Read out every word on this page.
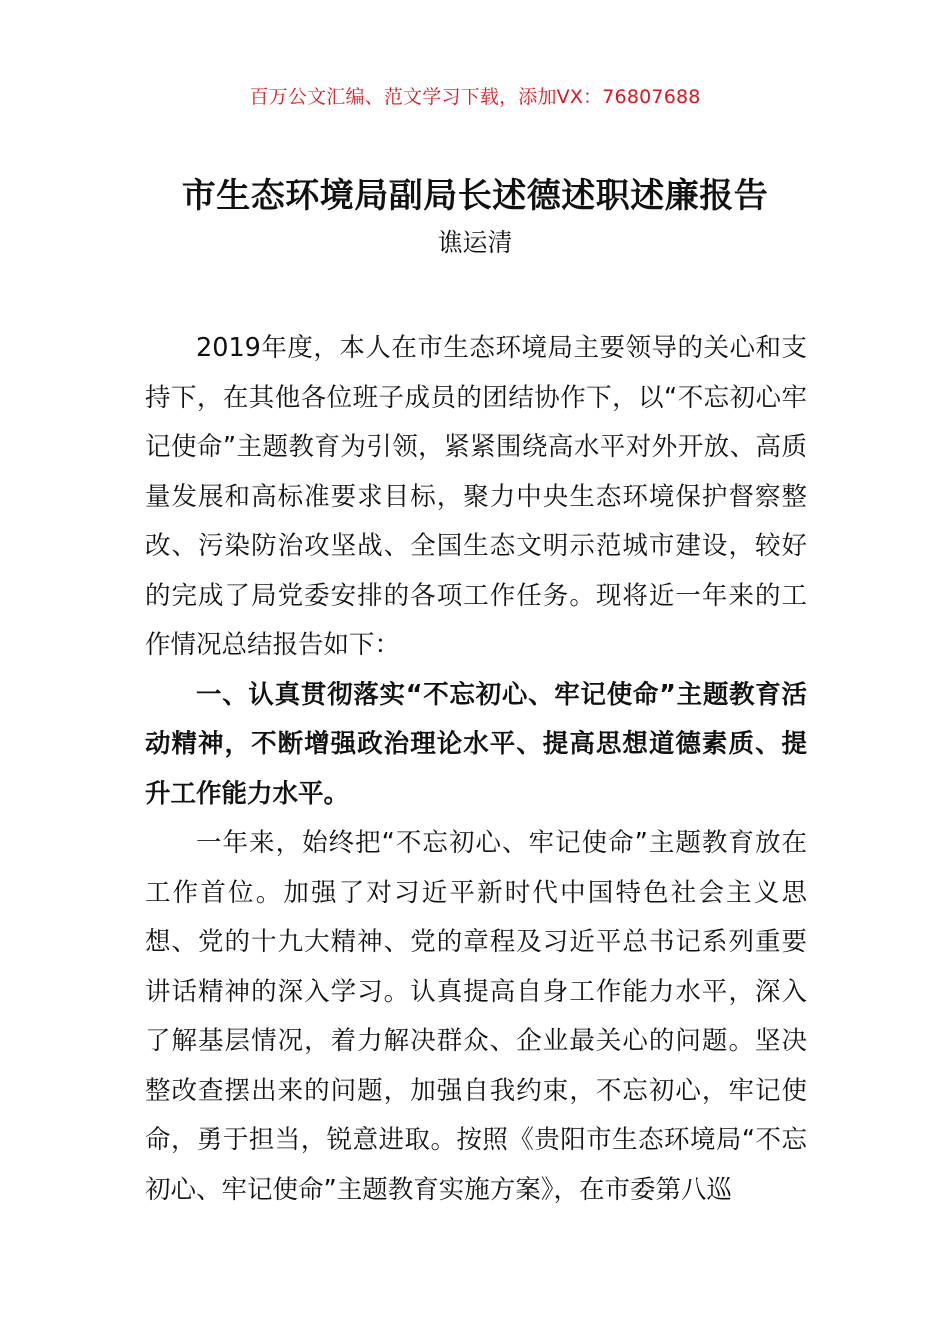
百万公文汇编、范文学习下载，添加VX：76807688
市生态环境局副局长述德述职述廉报告
谯运清

2019年度，本人在市生态环境局主要领导的关心和支持下，在其他各位班子成员的团结协作下，以“不忘初心牢记使命”主题教育为引领，紧紧围绕高水平对外开放、高质量发展和高标准要求目标，聚力中央生态环境保护督察整改、污染防治攻坚战、全国生态文明示范城市建设，较好的完成了局党委安排的各项工作任务。现将近一年来的工作情况总结报告如下：

一、认真贯彻落实“不忘初心、牢记使命”主题教育活动精神，不断增强政治理论水平、提高思想道德素质、提升工作能力水平。

一年来，始终把“不忘初心、牢记使命”主题教育放在工作首位。加强了对习近平新时代中国特色社会主义思想、党的十九大精神、党的章程及习近平总书记系列重要讲话精神的深入学习。认真提高自身工作能力水平，深入了解基层情况，着力解决群众、企业最关心的问题。坚决整改查摆出来的问题，加强自我约束，不忘初心，牢记使命，勇于担当，锐意进取。按照《贵阳市生态环境局“不忘初心、牢记使命”主题教育实施方案》，在市委第八巡
